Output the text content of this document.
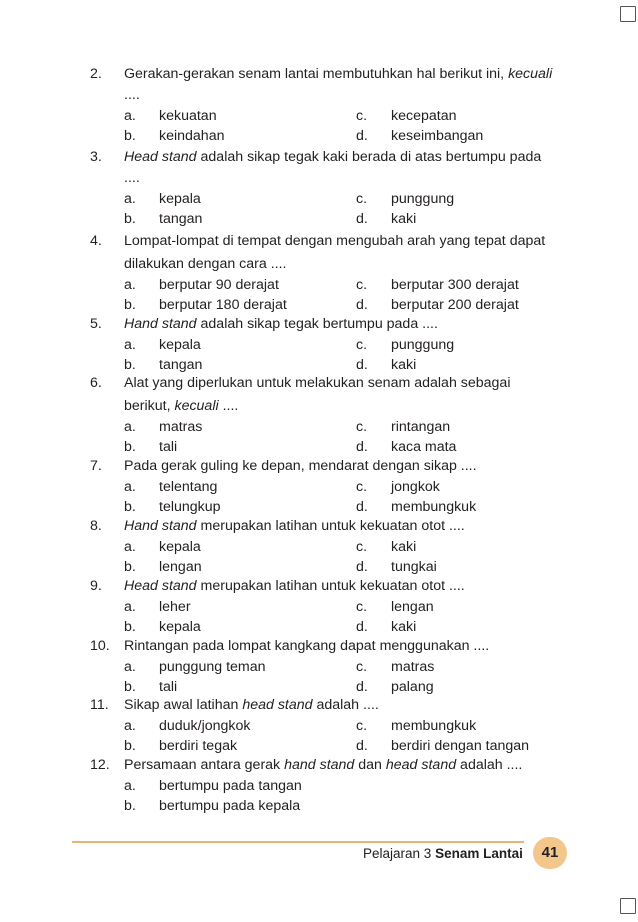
2. Gerakan-gerakan senam lantai membutuhkan hal berikut ini, kecuali
....
a. kekuatan
b. keindahan
c. kecepatan
d. keseimbangan
3. Head stand adalah sikap tegak kaki berada di atas bertumpu pada
....
a. kepala
b. tangan
c. punggung
d. kaki
4. Lompat-lompat di tempat dengan mengubah arah yang tepat dapat
dilakukan dengan cara ....
a. berputar 90 derajat
b. berputar 180 derajat
c. berputar 300 derajat
d. berputar 200 derajat
5. Hand stand adalah sikap tegak bertumpu pada ....
a. kepala
b. tangan
c. punggung
d. kaki
6. Alat yang diperlukan untuk melakukan senam adalah sebagai
berikut, kecuali ....
a. matras
b. tali
c. rintangan
d. kaca mata
7. Pada gerak guling ke depan, mendarat dengan sikap ....
a. telentang
b. telungkup
c. jongkok
d. membungkuk
8. Hand stand merupakan latihan untuk kekuatan otot ....
a. kepala
b. lengan
c. kaki
d. tungkai
9. Head stand merupakan latihan untuk kekuatan otot ....
a. leher
b. kepala
c. lengan
d. kaki
10. Rintangan pada lompat kangkang dapat menggunakan ....
a. punggung teman
b. tali
c. matras
d. palang
11. Sikap awal latihan head stand adalah ....
a. duduk/jongkok
b. berdiri tegak
c. membungkuk
d. berdiri dengan tangan
12. Persamaan antara gerak hand stand dan head stand adalah ....
a. bertumpu pada tangan
b. bertumpu pada kepala
Pelajaran 3 Senam Lantai	41
